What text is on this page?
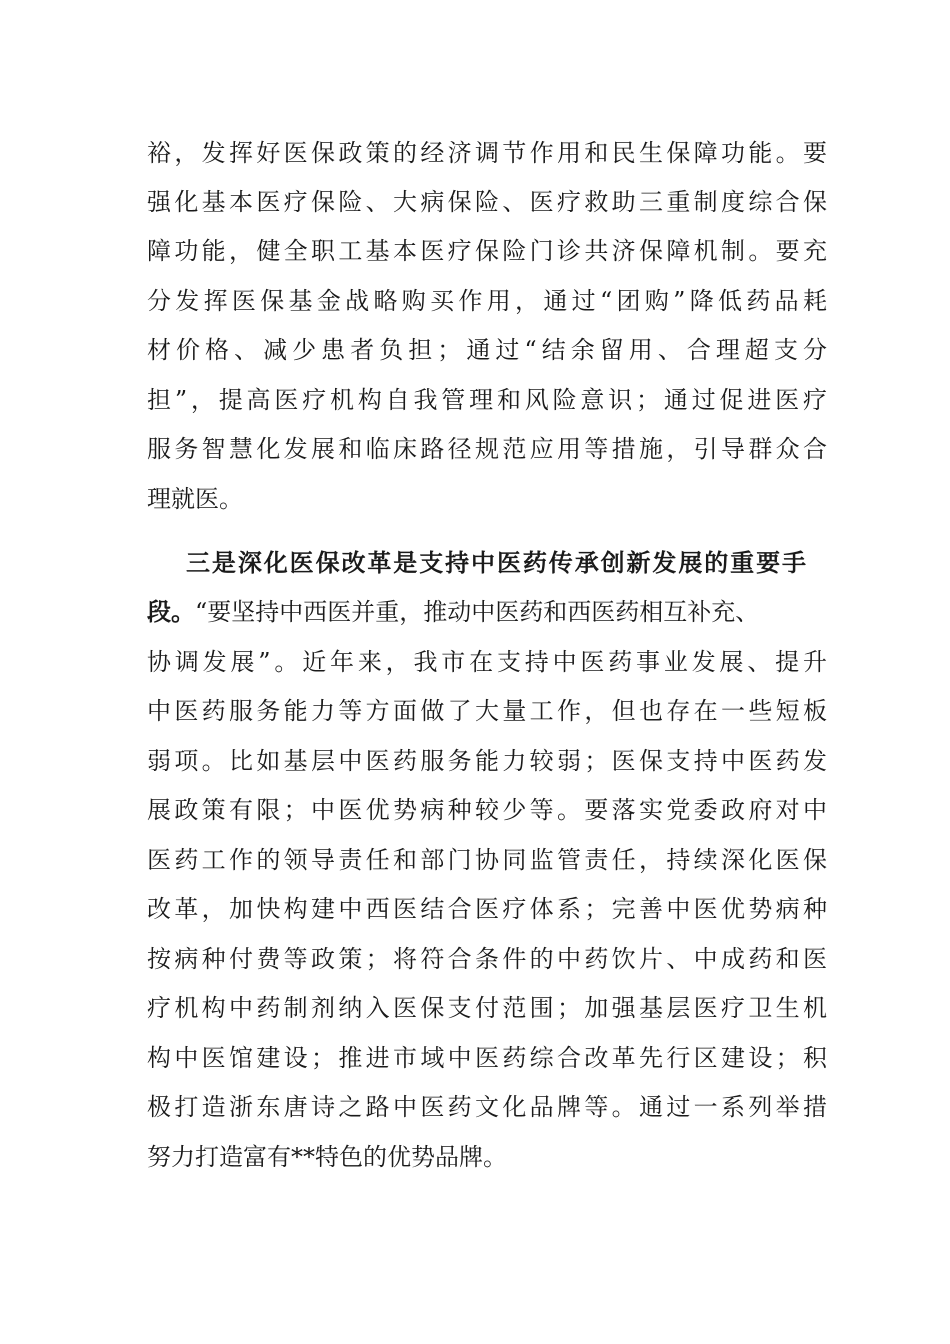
裕，发挥好医保政策的经济调节作用和民生保障功能。要
强化基本医疗保险、大病保险、医疗救助三重制度综合保
障功能，健全职工基本医疗保险门诊共济保障机制。要充
分发挥医保基金战略购买作用，通过“团购”降低药品耗
材价格、减少患者负担；通过“结余留用、合理超支分
担”，提高医疗机构自我管理和风险意识；通过促进医疗
服务智慧化发展和临床路径规范应用等措施，引导群众合
理就医。
三是深化医保改革是支持中医药传承创新发展的重要手
段。“要坚持中西医并重，推动中医药和西医药相互补充、
协调发展”。近年来，我市在支持中医药事业发展、提升
中医药服务能力等方面做了大量工作，但也存在一些短板
弱项。比如基层中医药服务能力较弱；医保支持中医药发
展政策有限；中医优势病种较少等。要落实党委政府对中
医药工作的领导责任和部门协同监管责任，持续深化医保
改革，加快构建中西医结合医疗体系；完善中医优势病种
按病种付费等政策；将符合条件的中药饮片、中成药和医
疗机构中药制剂纳入医保支付范围；加强基层医疗卫生机
构中医馆建设；推进市域中医药综合改革先行区建设；积
极打造浙东唐诗之路中医药文化品牌等。通过一系列举措
努力打造富有**特色的优势品牌。
